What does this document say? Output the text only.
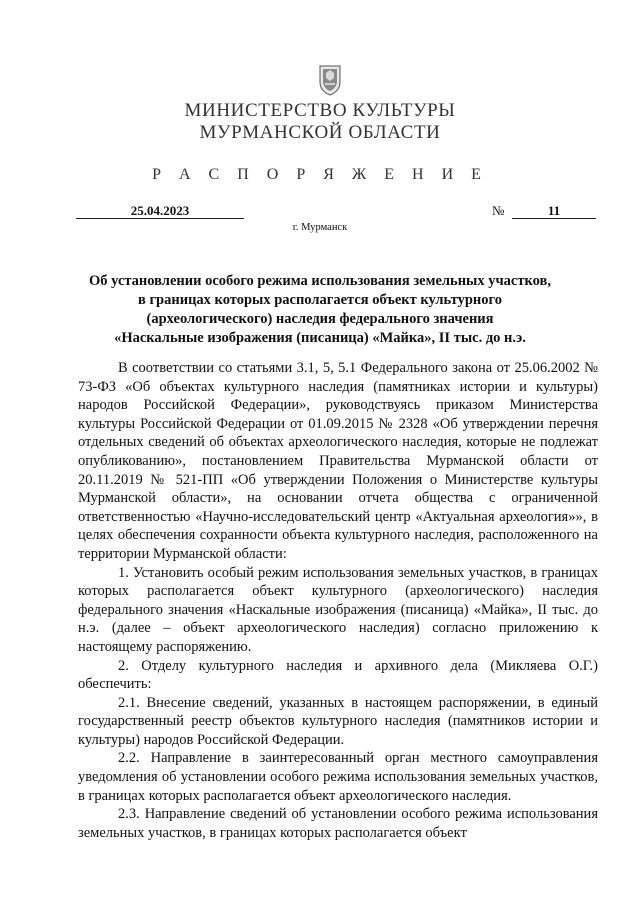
МИНИСТЕРСТВО КУЛЬТУРЫ
МУРМАНСКОЙ ОБЛАСТИ
Р А С П О Р Я Ж Е Н И Е
25.04.2023	№	11
г. Мурманск
Об установлении особого режима использования земельных участков,
в границах которых располагается объект культурного
(археологического) наследия федерального значения
«Наскальные изображения (писаница) «Майка», II тыс. до н.э.

В соответствии со статьями 3.1, 5, 5.1 Федерального закона от 25.06.2002 № 73-ФЗ «Об объектах культурного наследия (памятниках истории и культуры) народов Российской Федерации», руководствуясь приказом Министерства культуры Российской Федерации от 01.09.2015 № 2328 «Об утверждении перечня отдельных сведений об объектах археологического наследия, которые не подлежат опубликованию», постановлением Правительства Мурманской области от 20.11.2019 № 521-ПП «Об утверждении Положения о Министерстве культуры Мурманской области», на основании отчета общества с ограниченной ответственностью «Научно-исследовательский центр «Актуальная археология»», в целях обеспечения сохранности объекта культурного наследия, расположенного на территории Мурманской области:

1. Установить особый режим использования земельных участков, в границах которых располагается объект культурного (археологического) наследия федерального значения «Наскальные изображения (писаница) «Майка», II тыс. до н.э. (далее – объект археологического наследия) согласно приложению к настоящему распоряжению.

2. Отделу культурного наследия и архивного дела (Микляева О.Г.) обеспечить:

2.1. Внесение сведений, указанных в настоящем распоряжении, в единый государственный реестр объектов культурного наследия (памятников истории и культуры) народов Российской Федерации.

2.2. Направление в заинтересованный орган местного самоуправления уведомления об установлении особого режима использования земельных участков, в границах которых располагается объект археологического наследия.

2.3. Направление сведений об установлении особого режима использования земельных участков, в границах которых располагается объект
